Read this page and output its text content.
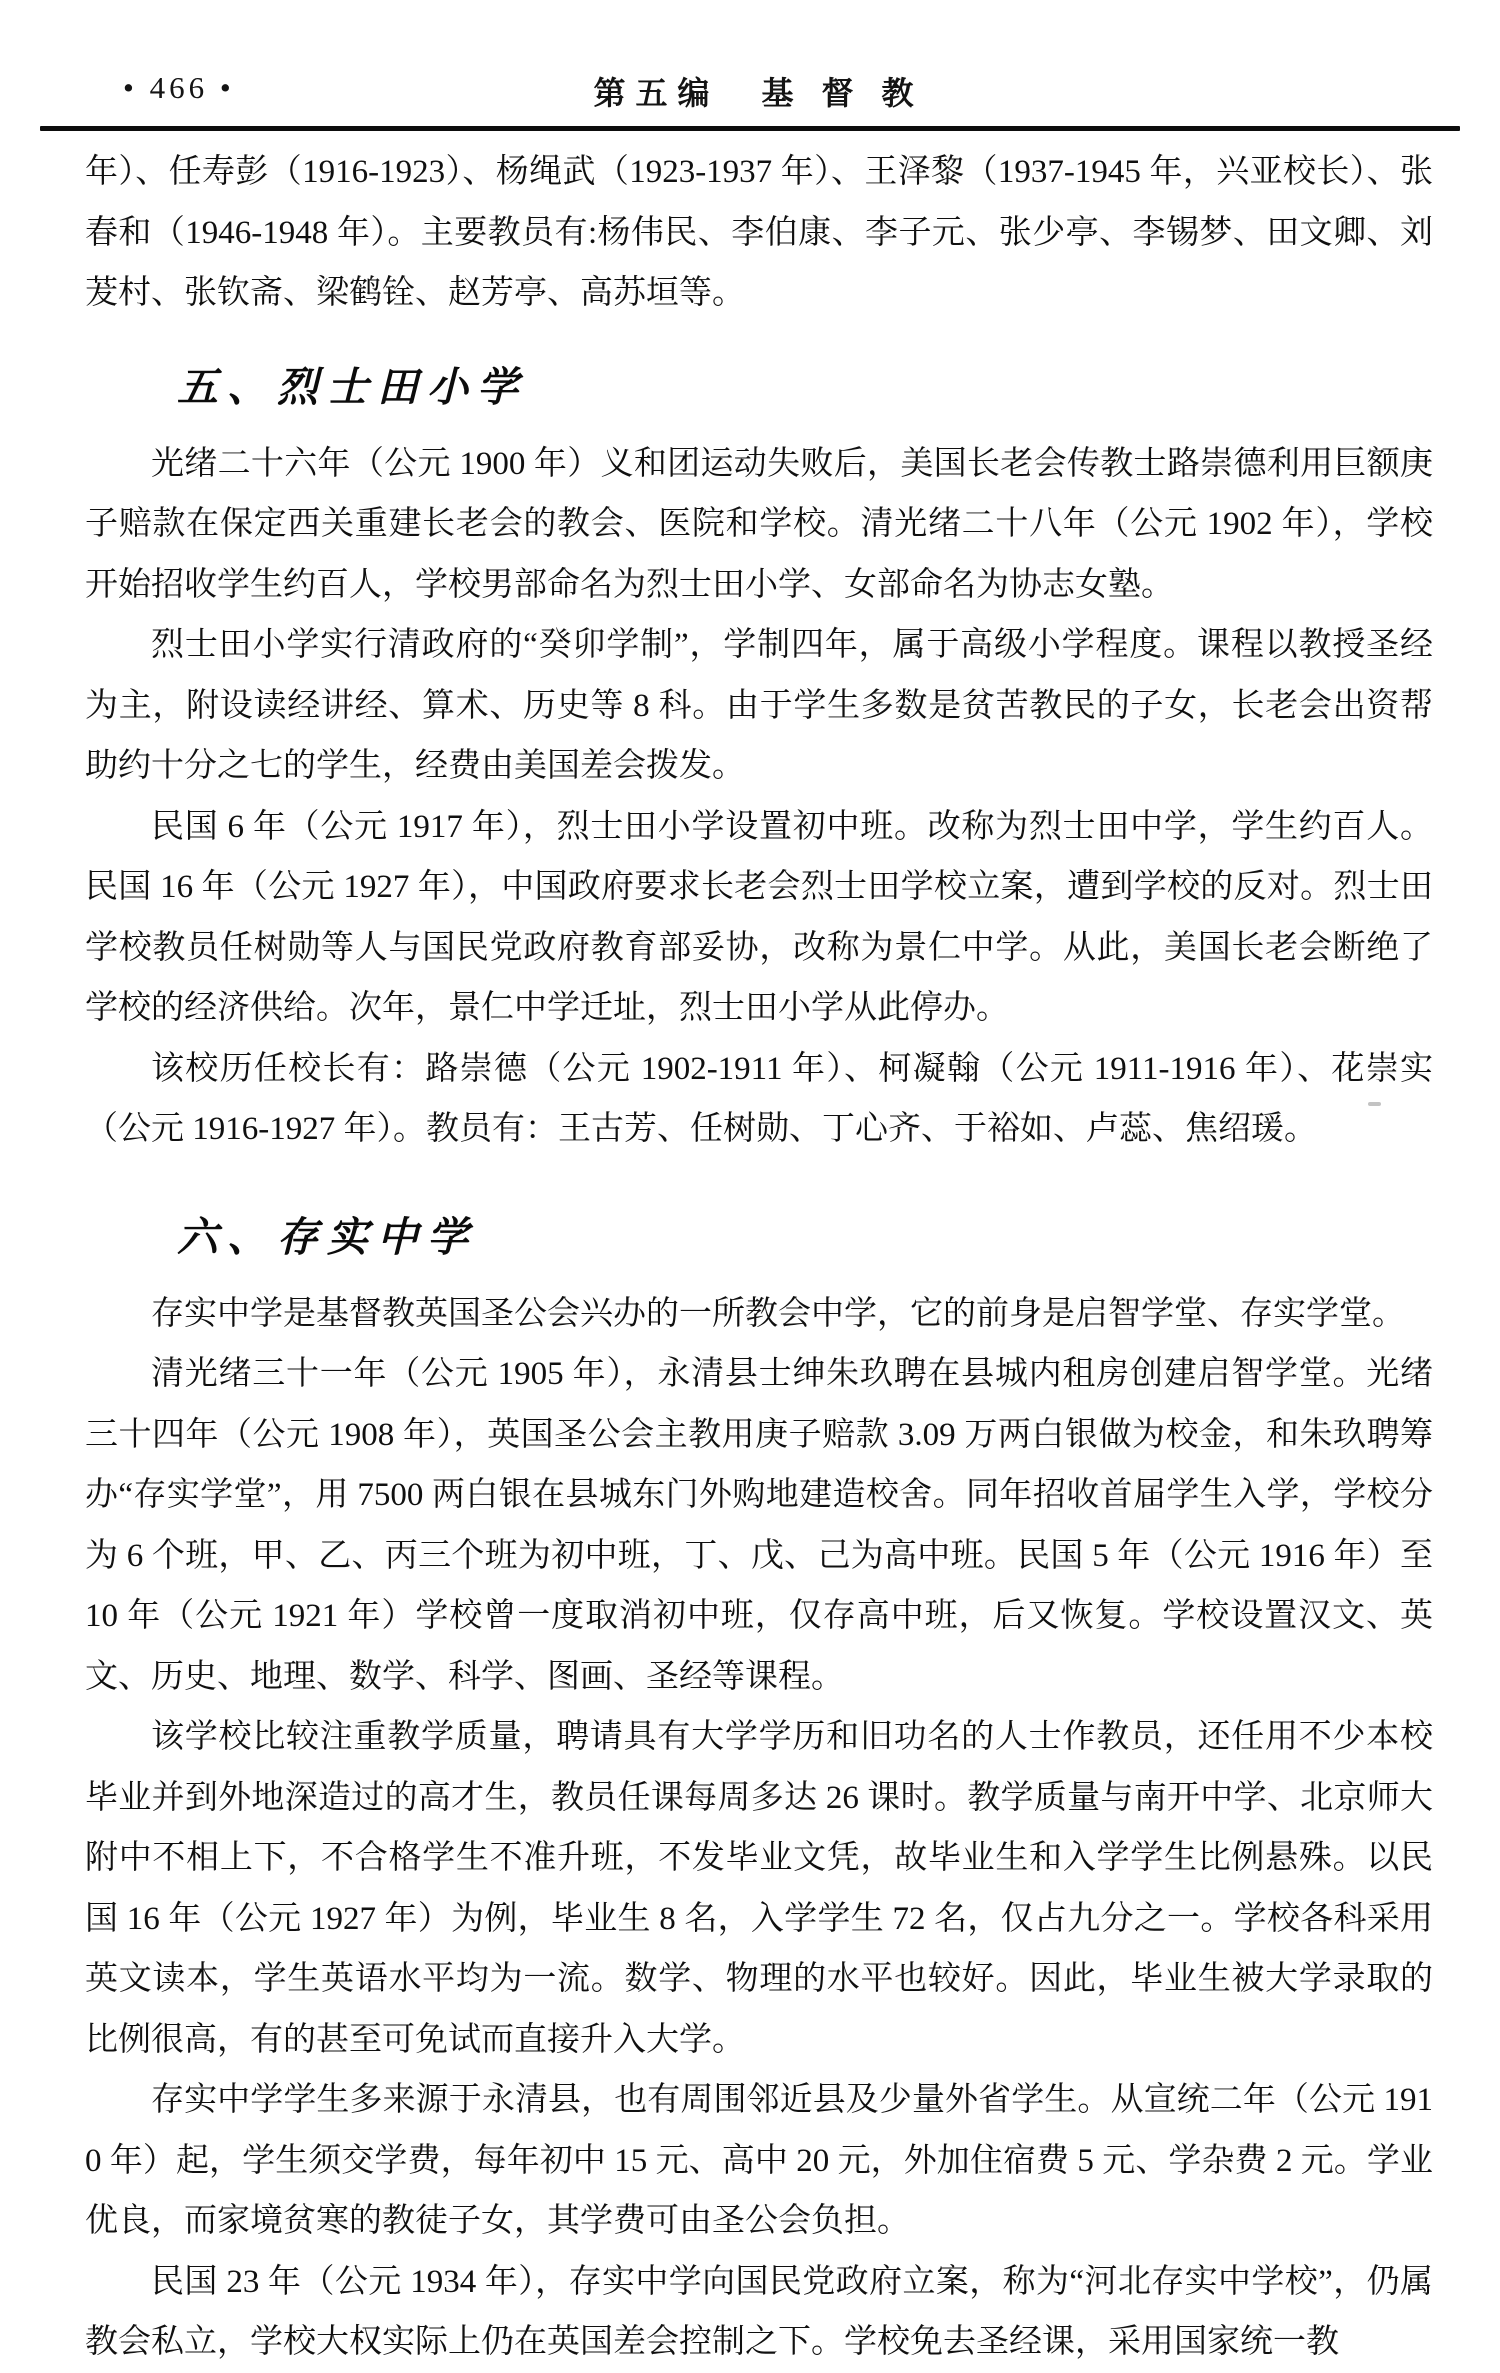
• 466 •	第五编　基 督 教

年）、任寿彭（1916-1923）、杨绳武（1923-1937 年）、王泽黎（1937-1945 年，兴亚校长）、张春和（1946-1948 年）。主要教员有:杨伟民、李伯康、李子元、张少亭、李锡梦、田文卿、刘茇村、张钦斋、梁鹤铨、赵芳亭、高苏垣等。

五、烈士田小学

光绪二十六年（公元 1900 年）义和团运动失败后，美国长老会传教士路崇德利用巨额庚子赔款在保定西关重建长老会的教会、医院和学校。清光绪二十八年（公元 1902 年），学校开始招收学生约百人，学校男部命名为烈士田小学、女部命名为协志女塾。

烈士田小学实行清政府的“癸卯学制”，学制四年，属于高级小学程度。课程以教授圣经为主，附设读经讲经、算术、历史等 8 科。由于学生多数是贫苦教民的子女，长老会出资帮助约十分之七的学生，经费由美国差会拨发。

民国 6 年（公元 1917 年），烈士田小学设置初中班。改称为烈士田中学，学生约百人。民国 16 年（公元 1927 年），中国政府要求长老会烈士田学校立案，遭到学校的反对。烈士田学校教员任树勋等人与国民党政府教育部妥协，改称为景仁中学。从此，美国长老会断绝了学校的经济供给。次年，景仁中学迁址，烈士田小学从此停办。

该校历任校长有：路崇德（公元 1902-1911 年）、柯凝翰（公元 1911-1916 年）、花崇实（公元 1916-1927 年）。教员有：王古芳、任树勋、丁心齐、于裕如、卢蕊、焦绍瑗。

六、存实中学

存实中学是基督教英国圣公会兴办的一所教会中学，它的前身是启智学堂、存实学堂。

清光绪三十一年（公元 1905 年），永清县士绅朱玖聘在县城内租房创建启智学堂。光绪三十四年（公元 1908 年），英国圣公会主教用庚子赔款 3.09 万两白银做为校金，和朱玖聘筹办“存实学堂”，用 7500 两白银在县城东门外购地建造校舍。同年招收首届学生入学，学校分为 6 个班，甲、乙、丙三个班为初中班，丁、戊、己为高中班。民国 5 年（公元 1916 年）至 10 年（公元 1921 年）学校曾一度取消初中班，仅存高中班，后又恢复。学校设置汉文、英文、历史、地理、数学、科学、图画、圣经等课程。

该学校比较注重教学质量，聘请具有大学学历和旧功名的人士作教员，还任用不少本校毕业并到外地深造过的高才生，教员任课每周多达 26 课时。教学质量与南开中学、北京师大附中不相上下，不合格学生不准升班，不发毕业文凭，故毕业生和入学学生比例悬殊。以民国 16 年（公元 1927 年）为例，毕业生 8 名，入学学生 72 名，仅占九分之一。学校各科采用英文读本，学生英语水平均为一流。数学、物理的水平也较好。因此，毕业生被大学录取的比例很高，有的甚至可免试而直接升入大学。

存实中学学生多来源于永清县，也有周围邻近县及少量外省学生。从宣统二年（公元 1910 年）起，学生须交学费，每年初中 15 元、高中 20 元，外加住宿费 5 元、学杂费 2 元。学业优良，而家境贫寒的教徒子女，其学费可由圣公会负担。

民国 23 年（公元 1934 年），存实中学向国民党政府立案，称为“河北存实中学校”，仍属教会私立，学校大权实际上仍在英国差会控制之下。学校免去圣经课，采用国家统一教
